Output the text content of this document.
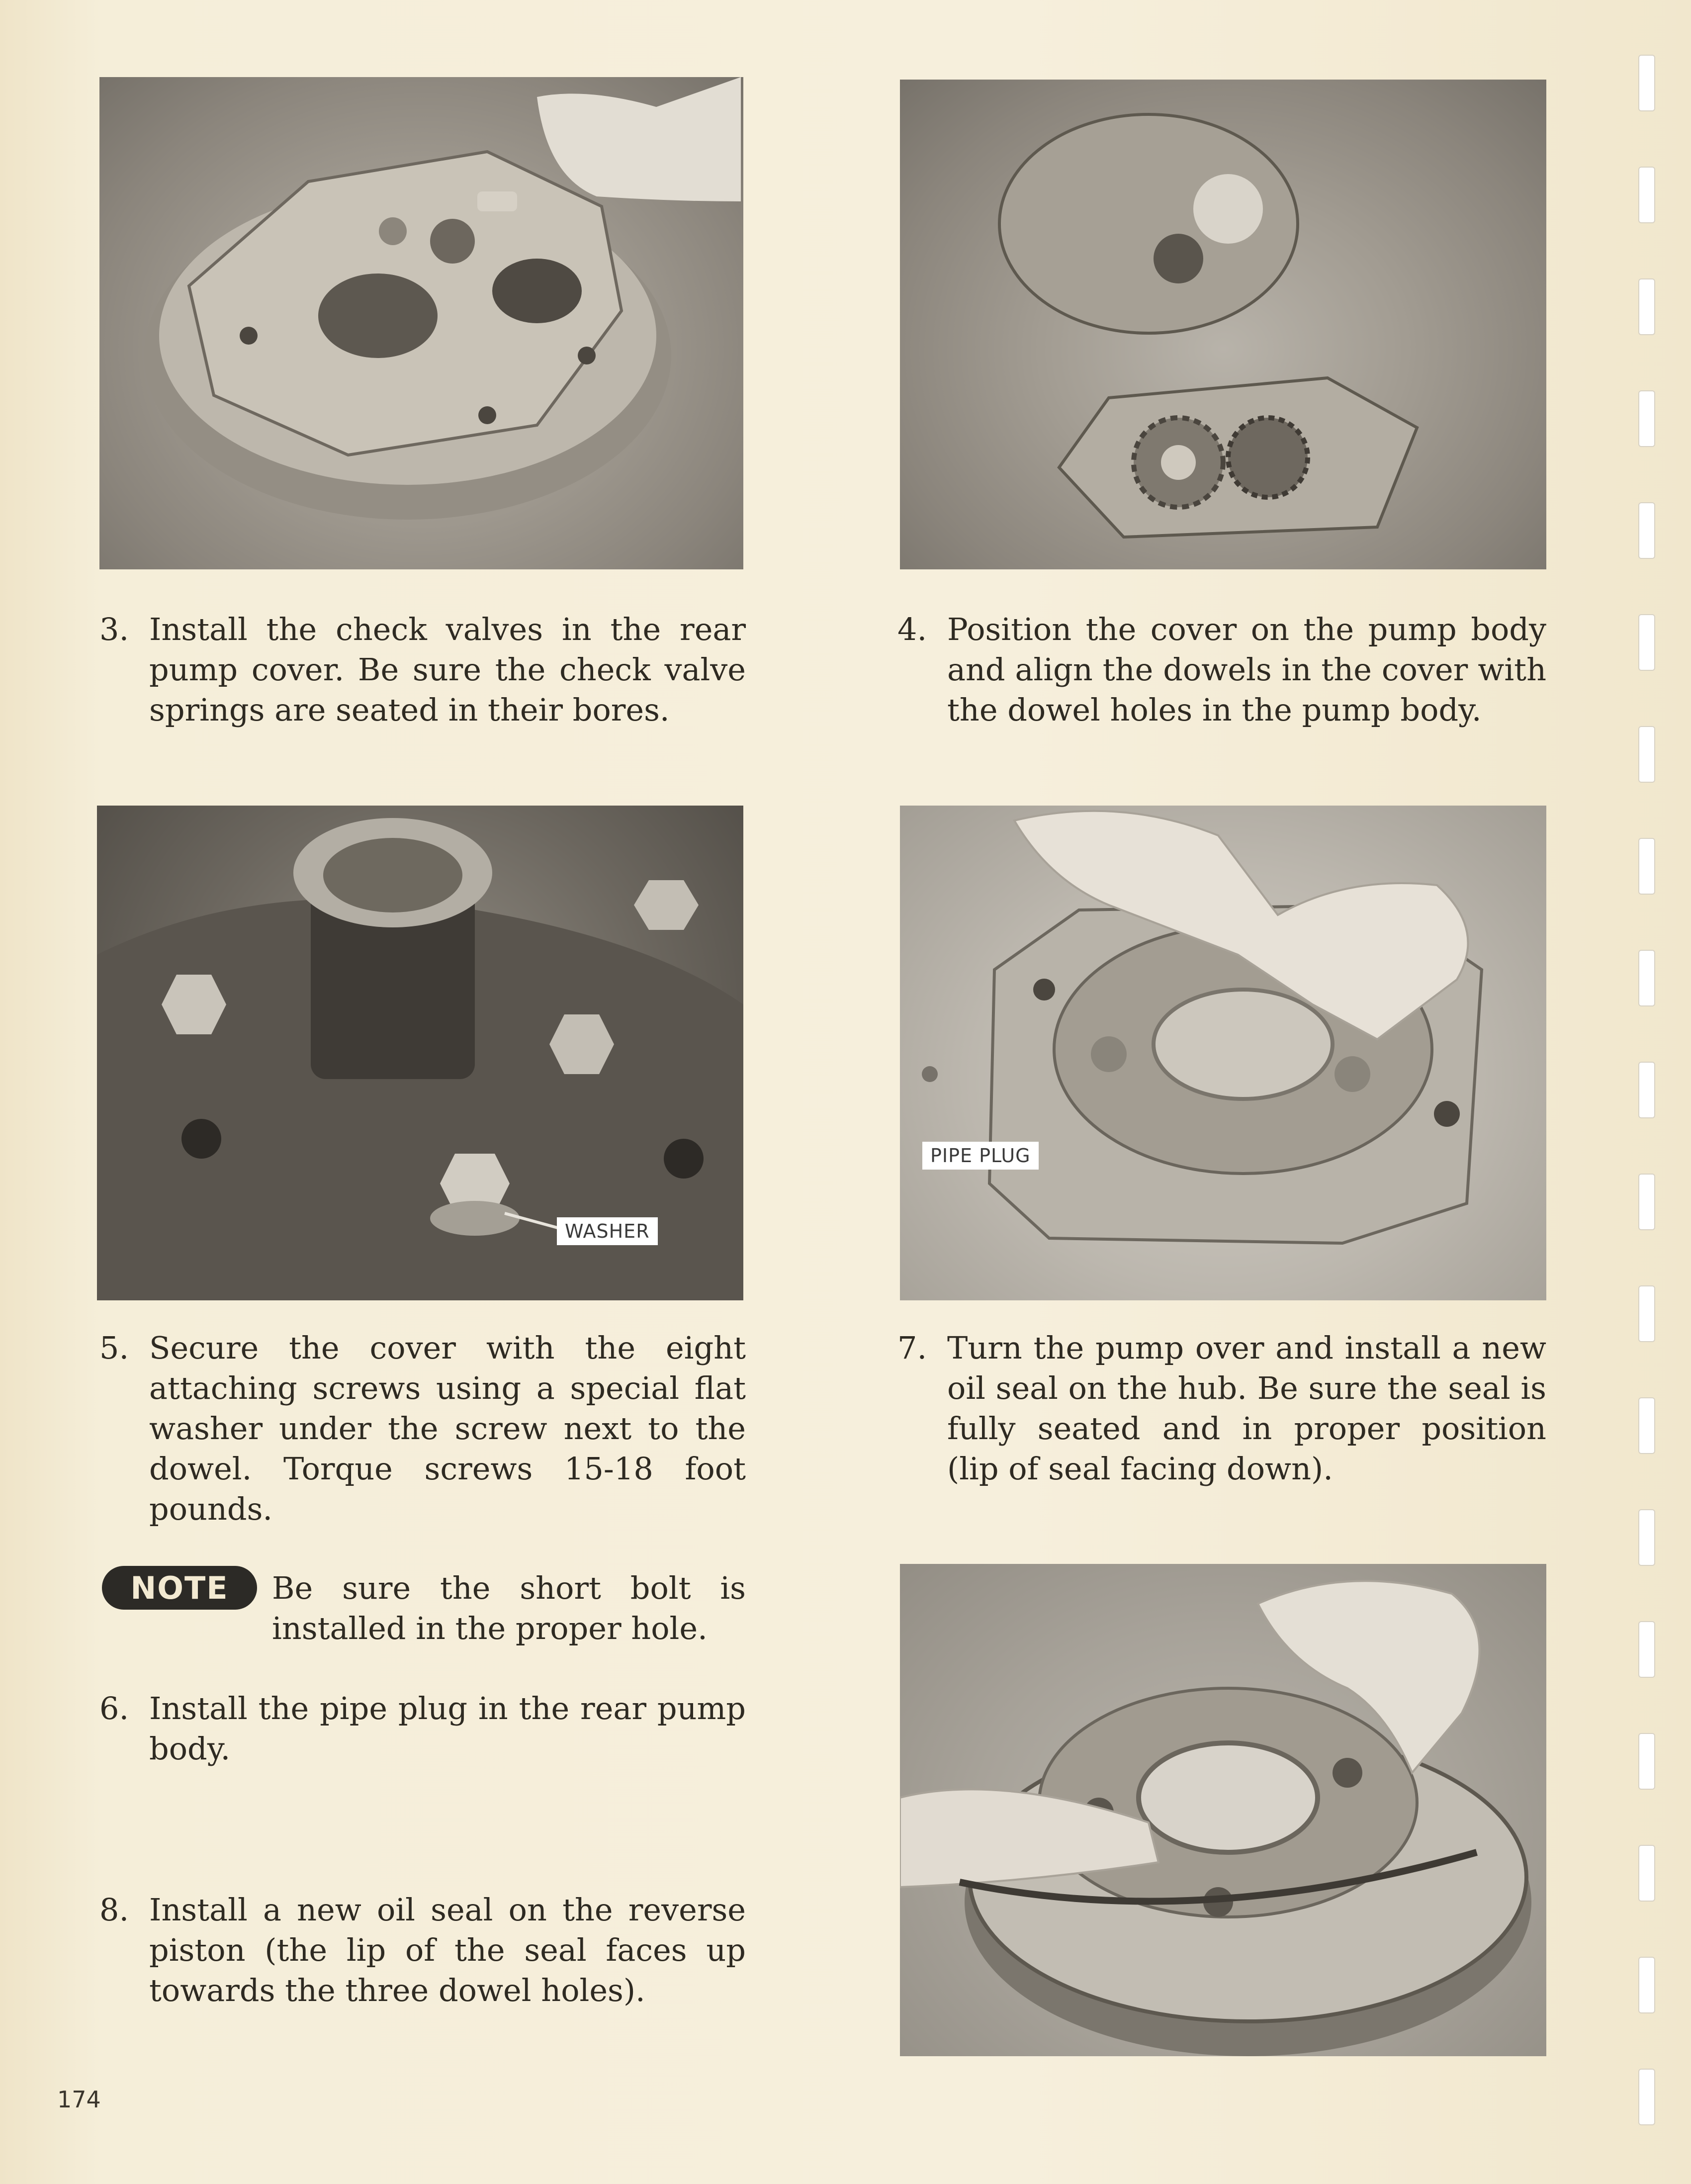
WASHER
PIPE PLUG
3. Install the check valves in the rear pump cover. Be sure the check valve springs are seated in their bores.
4. Position the cover on the pump body and align the dowels in the cover with the dowel holes in the pump body.
5. Secure the cover with the eight attaching screws using a special flat washer under the screw next to the dowel. Torque screws 15-18 foot pounds.
7. Turn the pump over and install a new oil seal on the hub. Be sure the seal is fully seated and in proper position (lip of seal facing down).
NOTE	Be sure the short bolt is installed in the proper hole.
6. Install the pipe plug in the rear pump body.
8. Install a new oil seal on the reverse piston (the lip of the seal faces up towards the three dowel holes).
174
